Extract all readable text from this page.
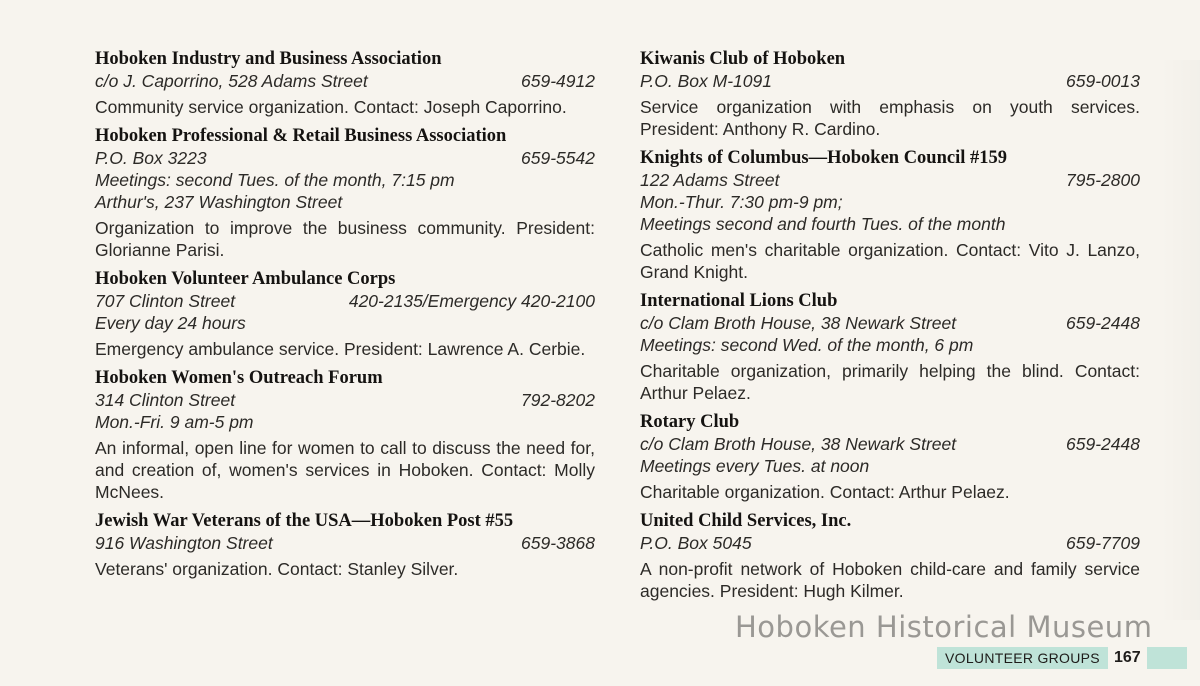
Hoboken Industry and Business Association
c/o J. Caporrino, 528 Adams Street	659-4912
Community service organization. Contact: Joseph Caporrino.
Hoboken Professional & Retail Business Association
P.O. Box 3223	659-5542
Meetings: second Tues. of the month, 7:15 pm
Arthur's, 237 Washington Street
Organization to improve the business community. President: Glorianne Parisi.
Hoboken Volunteer Ambulance Corps
707 Clinton Street	420-2135/Emergency 420-2100
Every day 24 hours
Emergency ambulance service. President: Lawrence A. Cerbie.
Hoboken Women's Outreach Forum
314 Clinton Street	792-8202
Mon.-Fri. 9 am-5 pm
An informal, open line for women to call to discuss the need for, and creation of, women's services in Hoboken. Contact: Molly McNees.
Jewish War Veterans of the USA—Hoboken Post #55
916 Washington Street	659-3868
Veterans' organization. Contact: Stanley Silver.
Kiwanis Club of Hoboken
P.O. Box M-1091	659-0013
Service organization with emphasis on youth services. President: Anthony R. Cardino.
Knights of Columbus—Hoboken Council #159
122 Adams Street	795-2800
Mon.-Thur. 7:30 pm-9 pm;
Meetings second and fourth Tues. of the month
Catholic men's charitable organization. Contact: Vito J. Lanzo, Grand Knight.
International Lions Club
c/o Clam Broth House, 38 Newark Street	659-2448
Meetings: second Wed. of the month, 6 pm
Charitable organization, primarily helping the blind. Contact: Arthur Pelaez.
Rotary Club
c/o Clam Broth House, 38 Newark Street	659-2448
Meetings every Tues. at noon
Charitable organization. Contact: Arthur Pelaez.
United Child Services, Inc.
P.O. Box 5045	659-7709
A non-profit network of Hoboken child-care and family service agencies. President: Hugh Kilmer.
Hoboken Historical Museum
VOLUNTEER GROUPS 167
